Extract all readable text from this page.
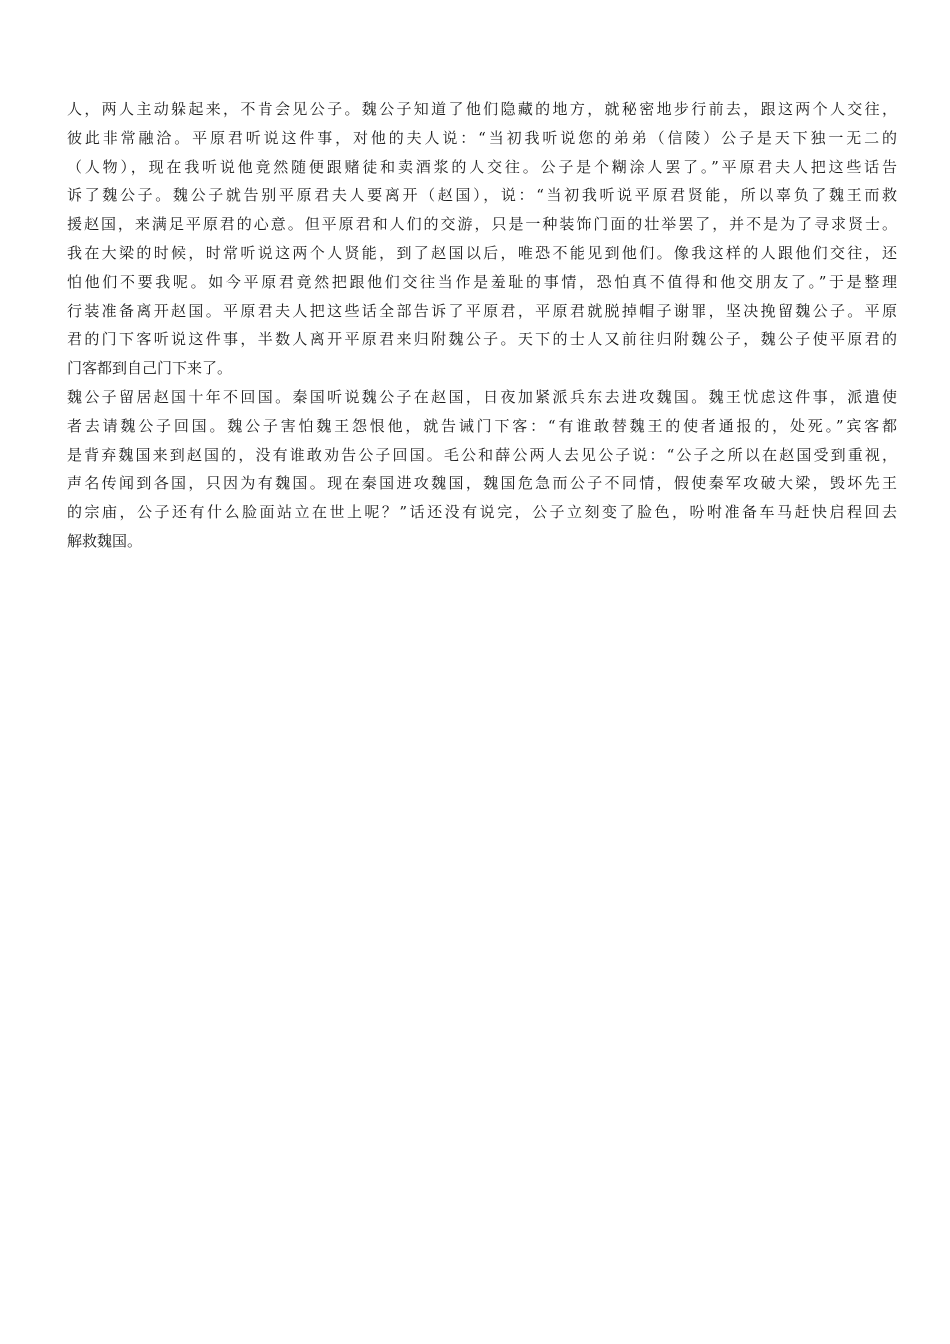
人，两人主动躲起来，不肯会见公子。魏公子知道了他们隐藏的地方，就秘密地步行前去，跟这两个人交往，
彼此非常融洽。平原君听说这件事，对他的夫人说：“当初我听说您的弟弟（信陵）公子是天下独一无二的
（人物），现在我听说他竟然随便跟赌徒和卖酒浆的人交往。公子是个糊涂人罢了。”平原君夫人把这些话告
诉了魏公子。魏公子就告别平原君夫人要离开（赵国），说：“当初我听说平原君贤能，所以辜负了魏王而救
援赵国，来满足平原君的心意。但平原君和人们的交游，只是一种装饰门面的壮举罢了，并不是为了寻求贤士。
我在大梁的时候，时常听说这两个人贤能，到了赵国以后，唯恐不能见到他们。像我这样的人跟他们交往，还
怕他们不要我呢。如今平原君竟然把跟他们交往当作是羞耻的事情，恐怕真不值得和他交朋友了。”于是整理
行装准备离开赵国。平原君夫人把这些话全部告诉了平原君，平原君就脱掉帽子谢罪，坚决挽留魏公子。平原
君的门下客听说这件事，半数人离开平原君来归附魏公子。天下的士人又前往归附魏公子，魏公子使平原君的
门客都到自己门下来了。
魏公子留居赵国十年不回国。秦国听说魏公子在赵国，日夜加紧派兵东去进攻魏国。魏王忧虑这件事，派遣使
者去请魏公子回国。魏公子害怕魏王怨恨他，就告诫门下客：“有谁敢替魏王的使者通报的，处死。”宾客都
是背弃魏国来到赵国的，没有谁敢劝告公子回国。毛公和薛公两人去见公子说：“公子之所以在赵国受到重视，
声名传闻到各国，只因为有魏国。现在秦国进攻魏国，魏国危急而公子不同情，假使秦军攻破大梁，毁坏先王
的宗庙，公子还有什么脸面站立在世上呢？”话还没有说完，公子立刻变了脸色，吩咐准备车马赶快启程回去
解救魏国。
